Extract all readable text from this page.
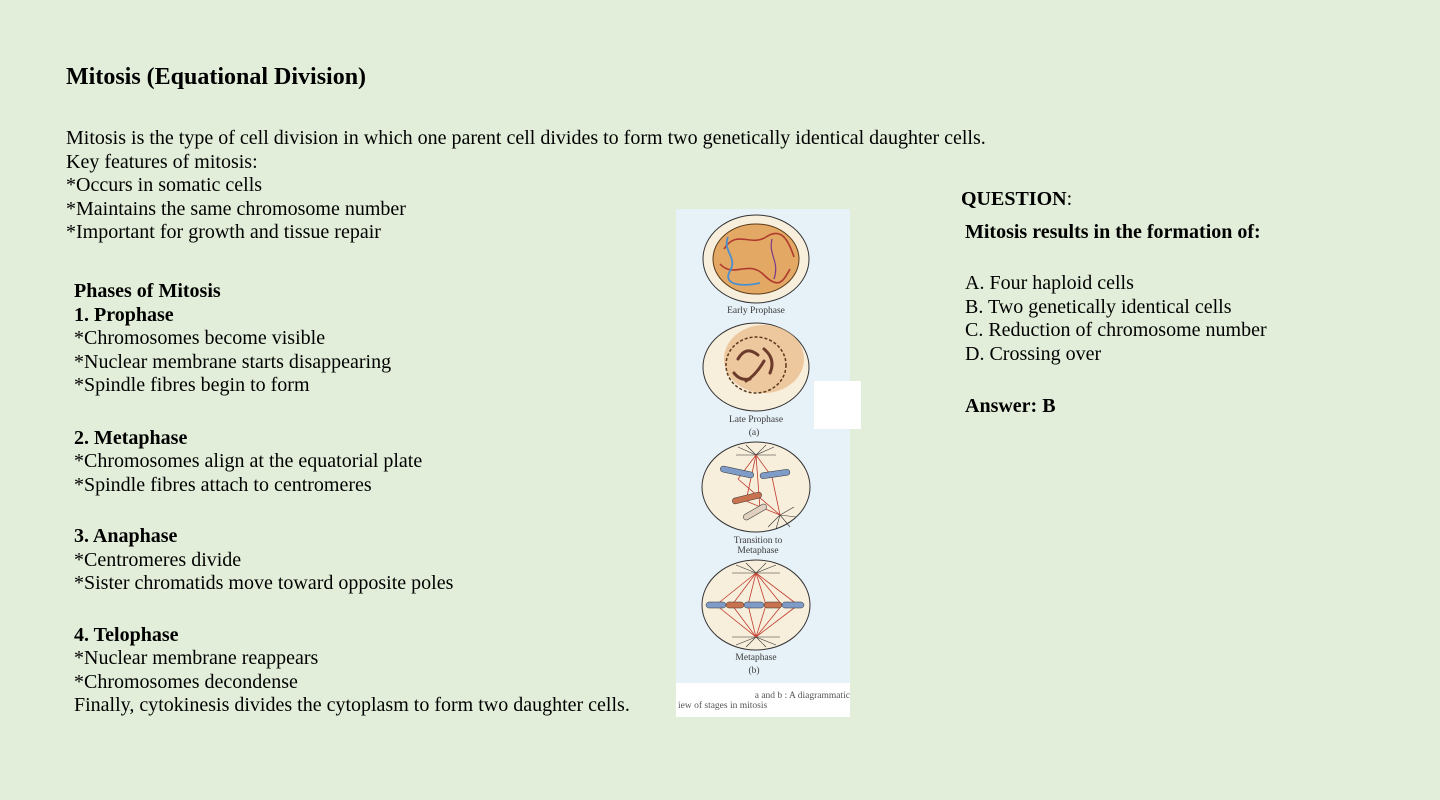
Mitosis (Equational Division)
Mitosis is the type of cell division in which one parent cell divides to form two genetically identical daughter cells.
Key features of mitosis:
*Occurs in somatic cells
*Maintains the same chromosome number
*Important for growth and tissue repair
Phases of Mitosis
1. Prophase
*Chromosomes become visible
*Nuclear membrane starts disappearing
*Spindle fibres begin to form
2. Metaphase
*Chromosomes align at the equatorial plate
*Spindle fibres attach to centromeres
3. Anaphase
*Centromeres divide
*Sister chromatids move toward opposite poles
4. Telophase
*Nuclear membrane reappears
*Chromosomes decondense
Finally, cytokinesis divides the cytoplasm to form two daughter cells.
Early Prophase
Late Prophase
(a)
Transition to
Metaphase
Metaphase
(b)
a and b : A diagrammatic
iew of stages in mitosis
QUESTION:
Mitosis results in the formation of:
A. Four haploid cells
B. Two genetically identical cells
C. Reduction of chromosome number
D. Crossing over
Answer: B
